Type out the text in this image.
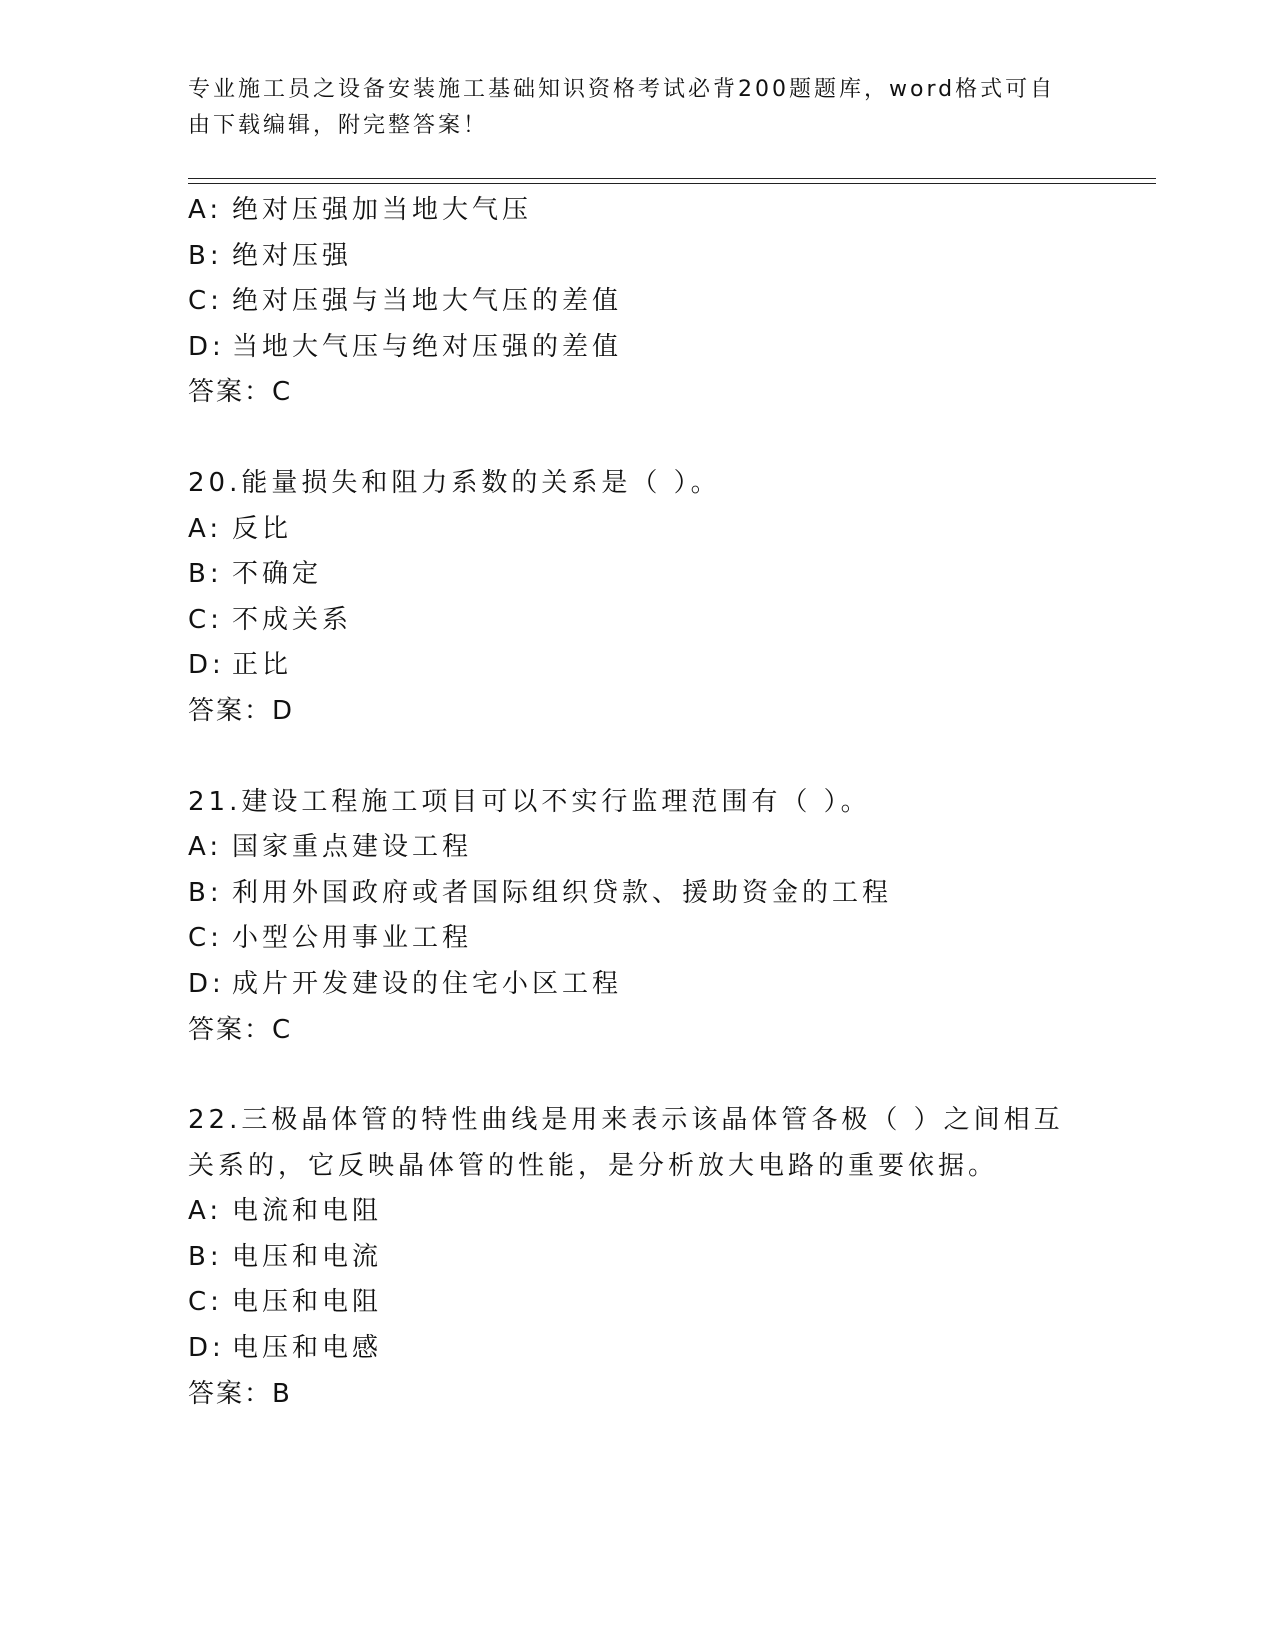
专业施工员之设备安装施工基础知识资格考试必背200题题库，word格式可自由下载编辑，附完整答案！
A: 绝对压强加当地大气压
B: 绝对压强
C: 绝对压强与当地大气压的差值
D: 当地大气压与绝对压强的差值
答案：C
20.能量损失和阻力系数的关系是（ ）。
A: 反比
B: 不确定
C: 不成关系
D: 正比
答案：D
21.建设工程施工项目可以不实行监理范围有（ ）。
A: 国家重点建设工程
B: 利用外国政府或者国际组织贷款、援助资金的工程
C: 小型公用事业工程
D: 成片开发建设的住宅小区工程
答案：C
22.三极晶体管的特性曲线是用来表示该晶体管各极（ ）之间相互关系的，它反映晶体管的性能，是分析放大电路的重要依据。
A: 电流和电阻
B: 电压和电流
C: 电压和电阻
D: 电压和电感
答案：B
